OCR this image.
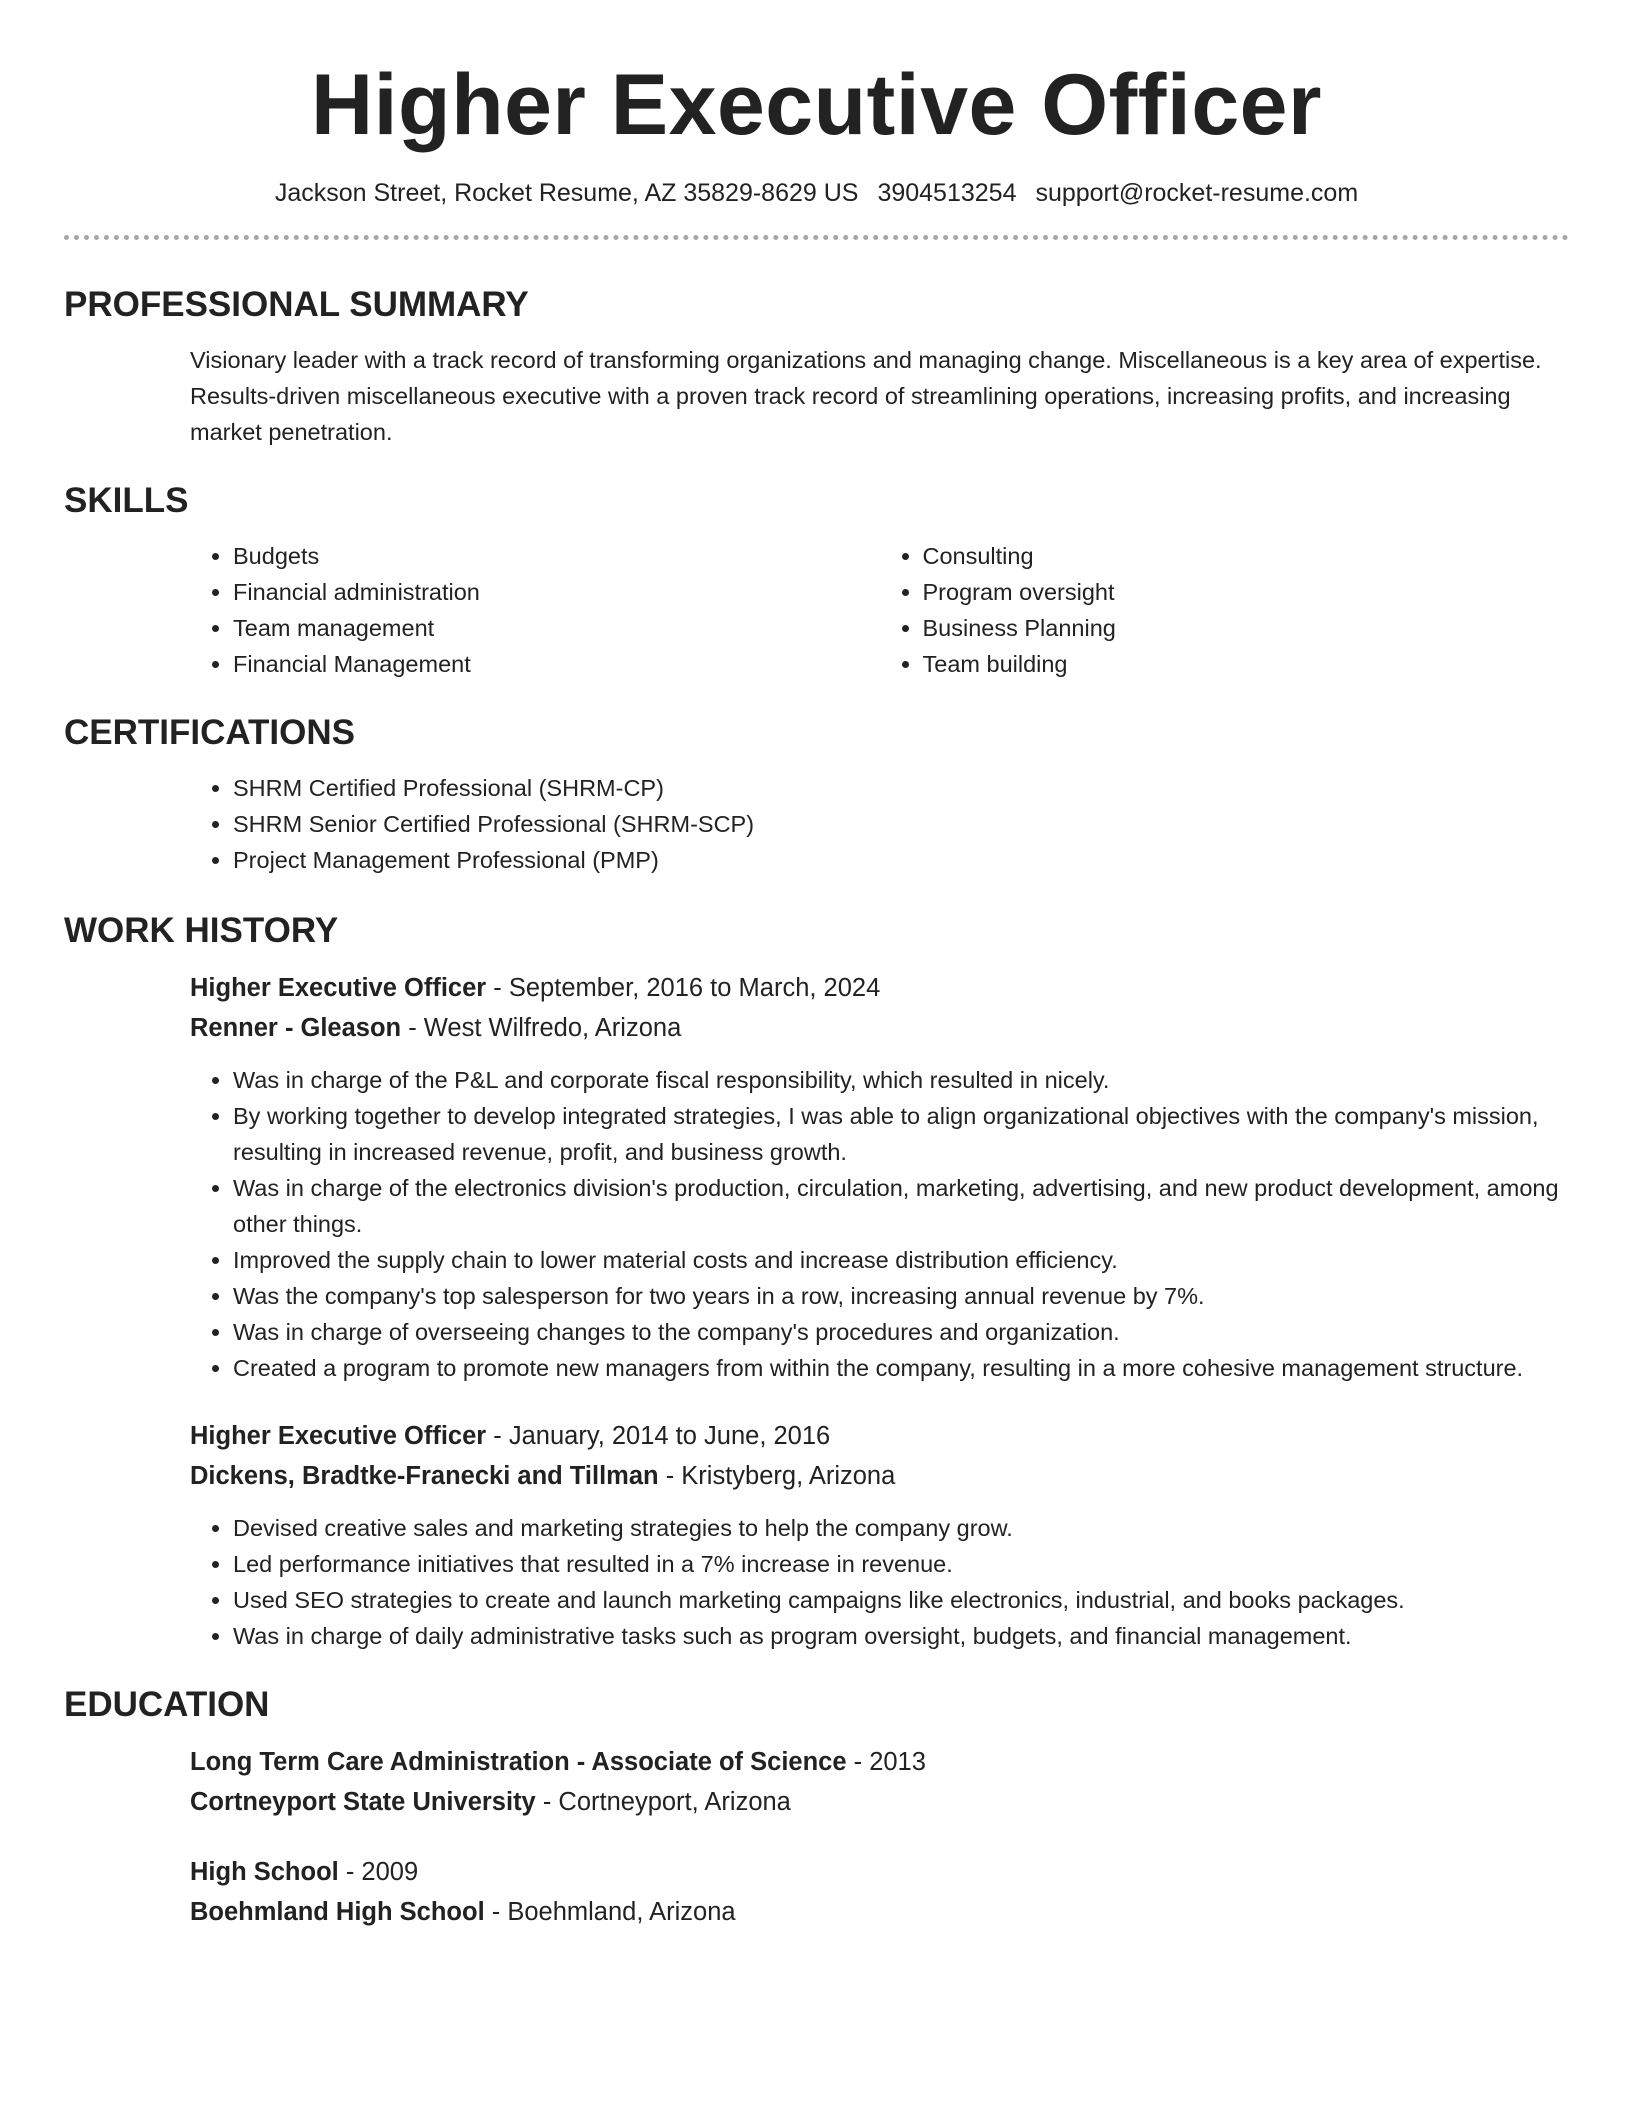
Higher Executive Officer
Jackson Street, Rocket Resume, AZ 35829-8629 US 3904513254 support@rocket-resume.com
PROFESSIONAL SUMMARY
Visionary leader with a track record of transforming organizations and managing change. Miscellaneous is a key area of expertise. Results-driven miscellaneous executive with a proven track record of streamlining operations, increasing profits, and increasing market penetration.
SKILLS
• Budgets
• Financial administration
• Team management
• Financial Management
• Consulting
• Program oversight
• Business Planning
• Team building
CERTIFICATIONS
• SHRM Certified Professional (SHRM-CP)
• SHRM Senior Certified Professional (SHRM-SCP)
• Project Management Professional (PMP)
WORK HISTORY
Higher Executive Officer - September, 2016 to March, 2024
Renner - Gleason - West Wilfredo, Arizona
• Was in charge of the P&L and corporate fiscal responsibility, which resulted in nicely.
• By working together to develop integrated strategies, I was able to align organizational objectives with the company's mission, resulting in increased revenue, profit, and business growth.
• Was in charge of the electronics division's production, circulation, marketing, advertising, and new product development, among other things.
• Improved the supply chain to lower material costs and increase distribution efficiency.
• Was the company's top salesperson for two years in a row, increasing annual revenue by 7%.
• Was in charge of overseeing changes to the company's procedures and organization.
• Created a program to promote new managers from within the company, resulting in a more cohesive management structure.
Higher Executive Officer - January, 2014 to June, 2016
Dickens, Bradtke-Franecki and Tillman - Kristyberg, Arizona
• Devised creative sales and marketing strategies to help the company grow.
• Led performance initiatives that resulted in a 7% increase in revenue.
• Used SEO strategies to create and launch marketing campaigns like electronics, industrial, and books packages.
• Was in charge of daily administrative tasks such as program oversight, budgets, and financial management.
EDUCATION
Long Term Care Administration - Associate of Science - 2013
Cortneyport State University - Cortneyport, Arizona
High School - 2009
Boehmland High School - Boehmland, Arizona
